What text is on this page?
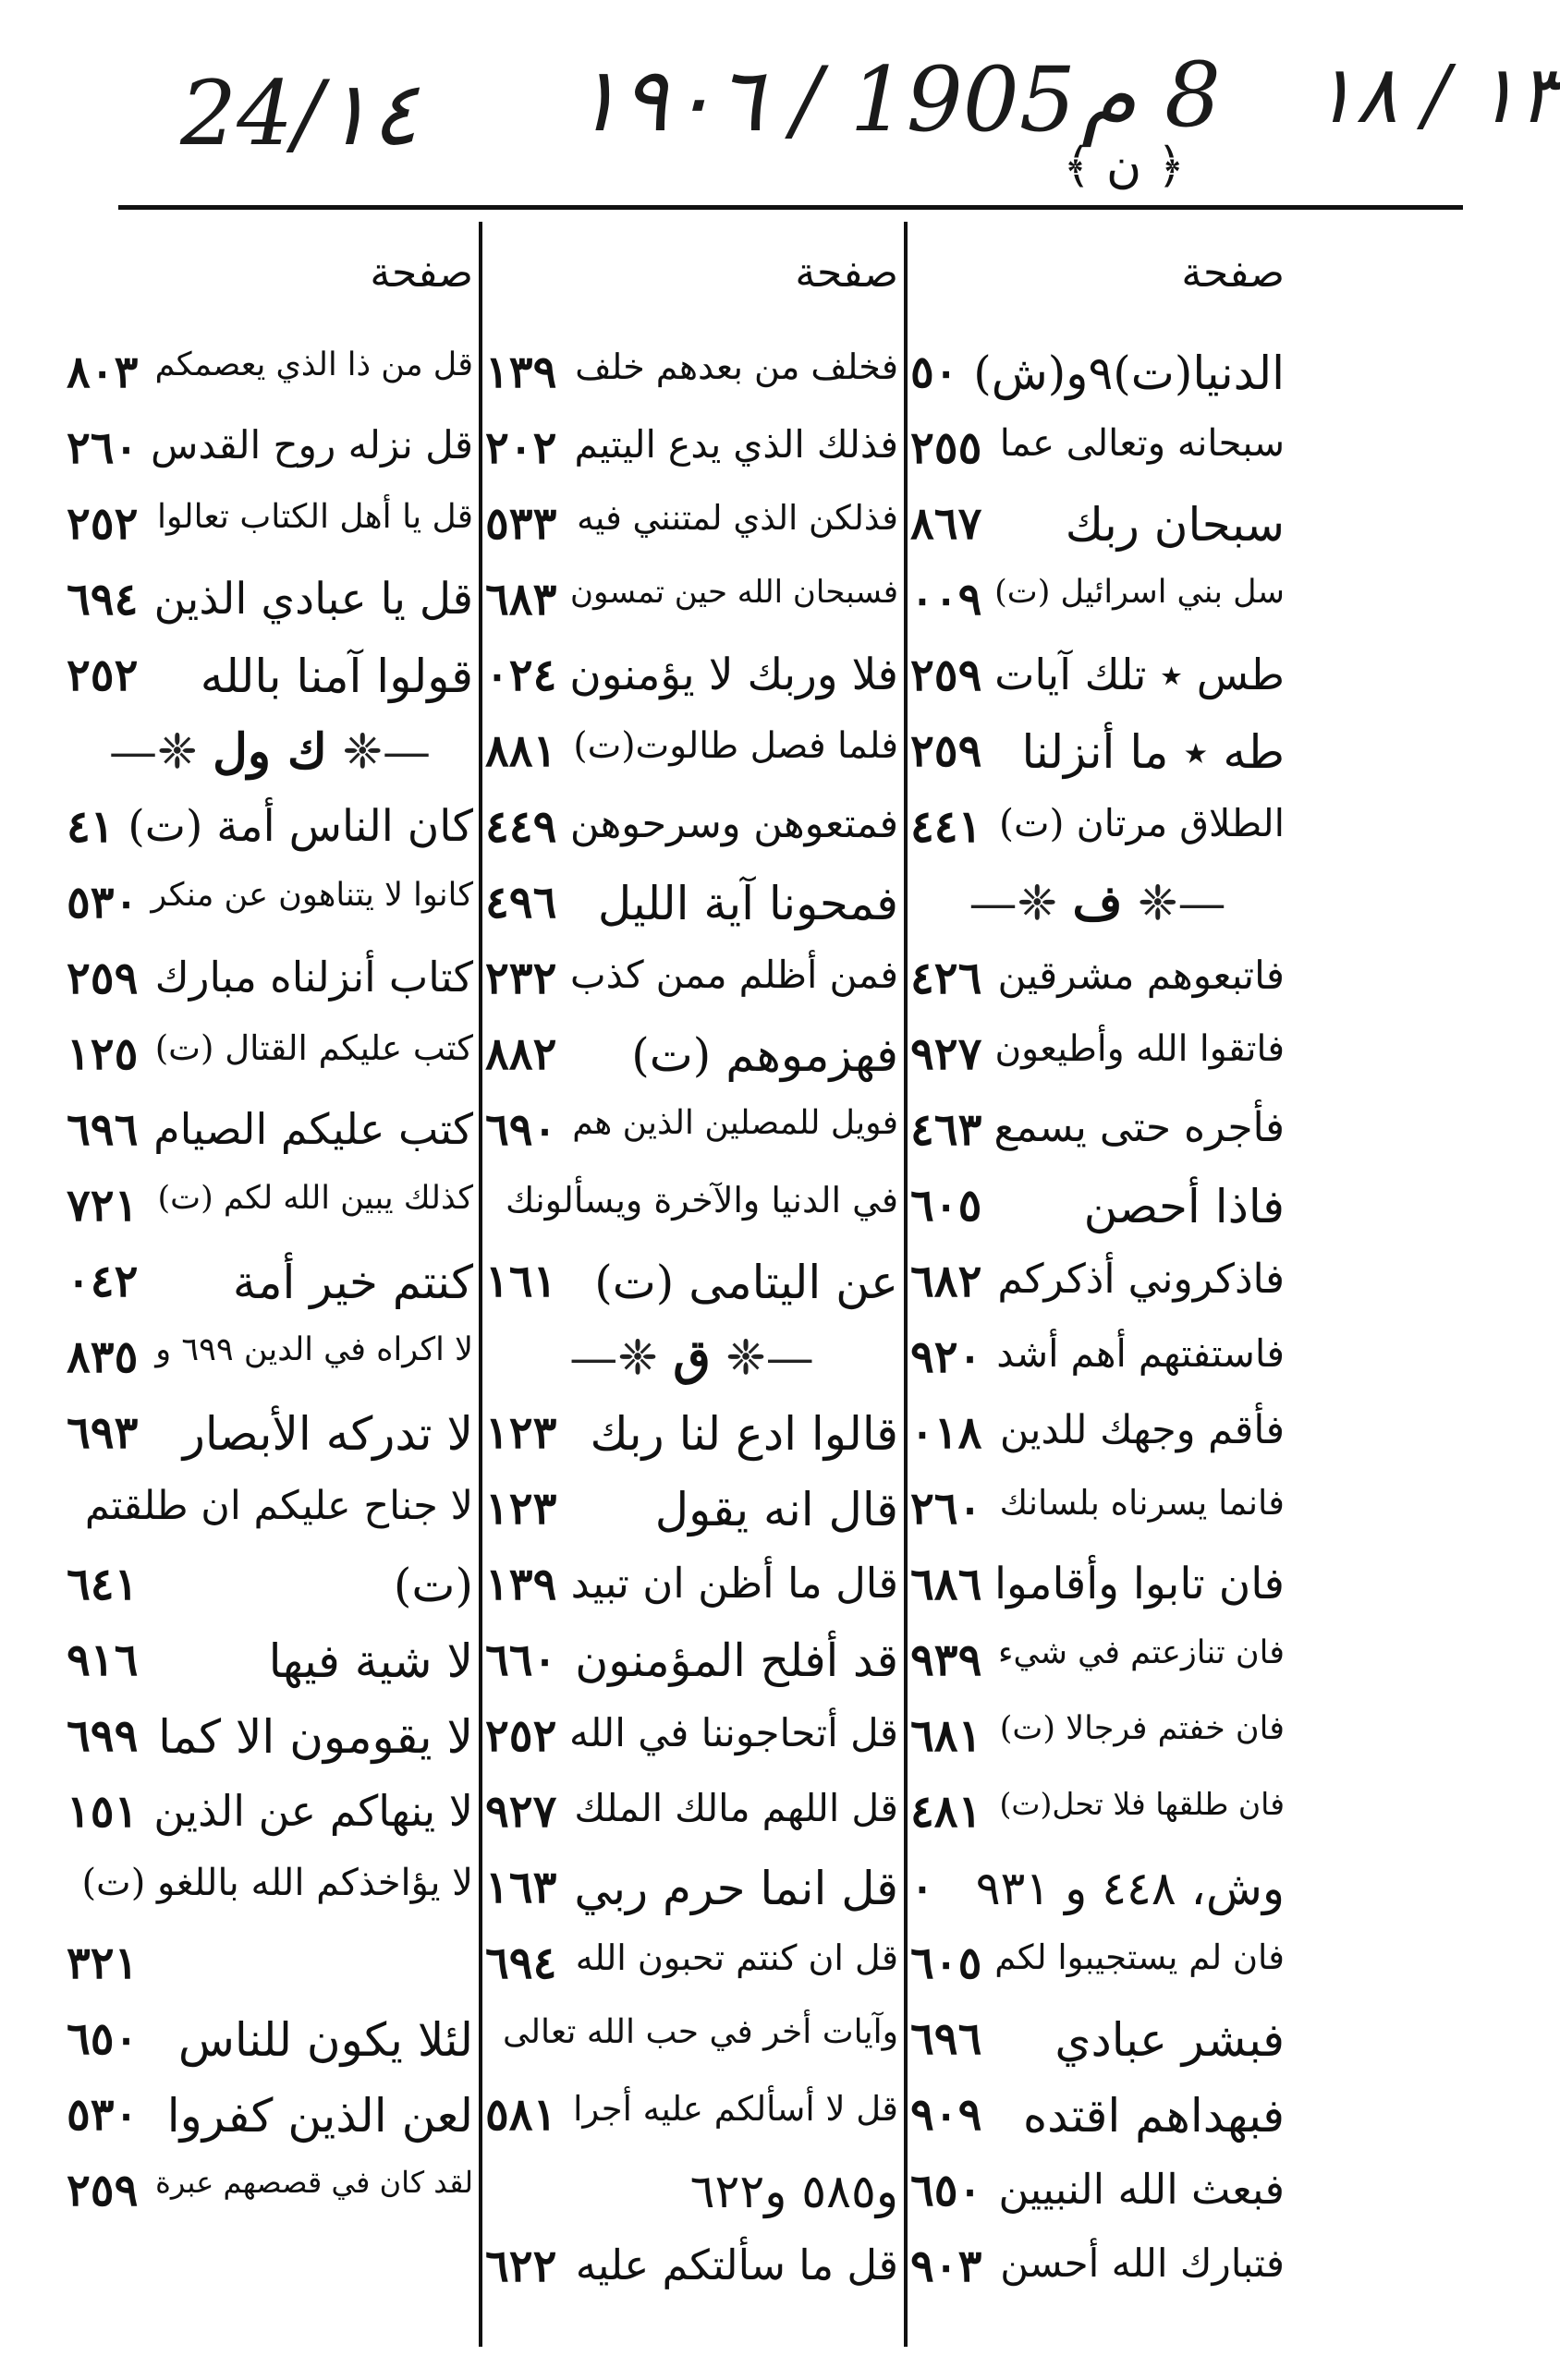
24/١٤ ١٩٠٦ / 1905 8 م ١٣ / ١٨
﴿ ن ﴾
صفحة
الدنيا(ت)٩و(ش)
٥٠
سبحانه وتعالى عما
٢٥٥
سبحان ربك
٨٦٧
سل بني اسرائيل (ت)
٠٠٩
طس ٭ تلك آيات
٢٥٩
طه ٭ ما أنزلنا
٢٥٩
الطلاق مرتان (ت)
٤٤١
—❈ ف ❈—
فاتبعوهم مشرقين
٤٢٦
فاتقوا الله وأطيعون
٩٢٧
فأجره حتى يسمع
٤٦٣
فاذا أحصن
٦٠٥
فاذكروني أذكركم
٦٨٢
فاستفتهم أهم أشد
٩٢٠
فأقم وجهك للدين
٠١٨
فانما يسرناه بلسانك
٢٦٠
فان تابوا وأقاموا
٦٨٦
فان تنازعتم في شيء
٩٣٩
فان خفتم فرجالا (ت)
٦٨١
فان طلقها فلا تحل(ت)
٤٨١
وش، ٤٤٨ و ٩٣١
٠
فان لم يستجيبوا لكم
٦٠٥
فبشر عبادي
٦٩٦
فبهداهم اقتده
٩٠٩
فبعث الله النبيين
٦٥٠
فتبارك الله أحسن
٩٠٣
صفحة
فخلف من بعدهم خلف
١٣٩
فذلك الذي يدع اليتيم
٢٠٢
فذلكن الذي لمتنني فيه
٥٣٣
فسبحان الله حين تمسون
٦٨٣
فلا وربك لا يؤمنون
٠٢٤
فلما فصل طالوت(ت)
٨٨١
فمتعوهن وسرحوهن
٤٤٩
فمحونا آية الليل
٤٩٦
فمن أظلم ممن كذب
٢٣٢
فهزموهم (ت)
٨٨٢
فويل للمصلين الذين هم
٦٩٠
في الدنيا والآخرة ويسألونك
عن اليتامى (ت)
١٦١
—❈ ق ❈—
قالوا ادع لنا ربك
١٢٣
قال انه يقول
١٢٣
قال ما أظن ان تبيد
١٣٩
قد أفلح المؤمنون
٦٦٠
قل أتحاجوننا في الله
٢٥٢
قل اللهم مالك الملك
٩٢٧
قل انما حرم ربي
١٦٣
قل ان كنتم تحبون الله
٦٩٤
وآيات أخر في حب الله تعالى
قل لا أسألكم عليه أجرا
٥٨١
و٥٨٥ و٦٢٢
قل ما سألتكم عليه
٦٢٢
صفحة
قل من ذا الذي يعصمكم
٨٠٣
قل نزله روح القدس
٢٦٠
قل يا أهل الكتاب تعالوا
٢٥٢
قل يا عبادي الذين
٦٩٤
قولوا آمنا بالله
٢٥٢
—❈ ك ول ❈—
كان الناس أمة (ت)
٤١
كانوا لا يتناهون عن منكر
٥٣٠
كتاب أنزلناه مبارك
٢٥٩
كتب عليكم القتال (ت)
١٢٥
كتب عليكم الصيام
٦٩٦
كذلك يبين الله لكم (ت)
٧٢١
كنتم خير أمة
٠٤٢
لا اكراه في الدين ٦٩٩ و
٨٣٥
لا تدركه الأبصار
٦٩٣
لا جناح عليكم ان طلقتم
(ت)
٦٤١
لا شية فيها
٩١٦
لا يقومون الا كما
٦٩٩
لا ينهاكم عن الذين
١٥١
لا يؤاخذكم الله باللغو (ت)
٣٢١
لئلا يكون للناس
٦٥٠
لعن الذين كفروا
٥٣٠
لقد كان في قصصهم عبرة
٢٥٩
